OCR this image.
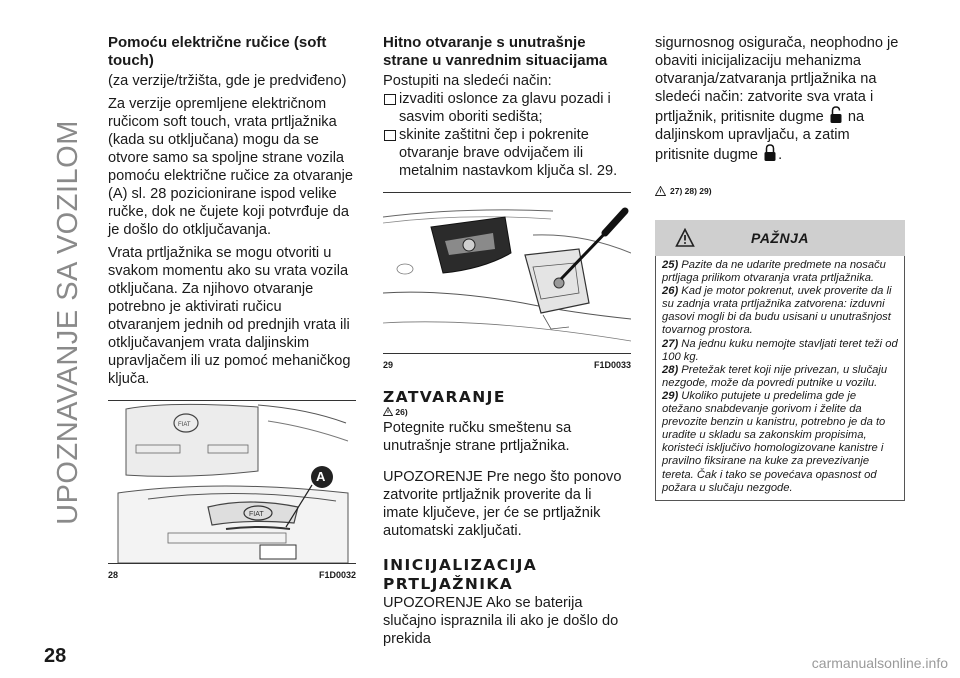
UPOZNAVANJE SA VOZILOM
Pomoću električne ručice (soft touch)

(za verzije/tržišta, gde je predviđeno)

Za verzije opremljene električnom ručicom soft touch, vrata prtljažnika (kada su otključana) mogu da se otvore samo sa spoljne strane vozila pomoću električne ručice za otvaranje (A) sl. 28 pozicionirane ispod velike ručke, dok ne čujete koji potvrđuje da je došlo do otključavanja.

Vrata prtljažnika se mogu otvoriti u svakom momentu ako su vrata vozila otključana. Za njihovo otvaranje potrebno je aktivirati ručicu otvaranjem jednih od prednjih vrata ili otključavanjem vrata daljinskim upravljačem ili uz pomoć mehaničkog ključa.

FIAT
FIAT
A
28	F1D0032
Hitno otvaranje s unutrašnje strane u vanrednim situacijama

Postupiti na sledeći način:

izvaditi oslonce za glavu pozadi i sasvim oboriti sedišta;

skinite zaštitni čep i pokrenite otvaranje brave odvijačem ili metalnim nastavkom ključa sl. 29.

29	F1D0033
ZATVARANJE
26)

Potegnite ručku smeštenu sa unutrašnje strane prtljažnika.

UPOZORENJE Pre nego što ponovo zatvorite prtljažnik proverite da li imate ključeve, jer će se prtljažnik automatski zaključati.

INICIJALIZACIJA
PRTLJAŽNIKA

UPOZORENJE Ako se baterija slučajno ispraznila ili ako je došlo do prekida

sigurnosnog osigurača, neophodno je obaviti inicijalizaciju mehanizma otvaranja/zatvaranja prtljažnika na sledeći način: zatvorite sva vrata i prtljažnik, pritisnite dugme na daljinskom upravljaču, a zatim pritisnite dugme .

27) 28) 29)
PAŽNJA
25) Pazite da ne udarite predmete na nosaču prtljaga prilikom otvaranja vrata prtljažnika.
26) Kad je motor pokrenut, uvek proverite da li su zadnja vrata prtljažnika zatvorena: izduvni gasovi mogli bi da budu usisani u unutrašnjost tovarnog prostora.
27) Na jednu kuku nemojte stavljati teret teži od 100 kg.
28) Pretežak teret koji nije privezan, u slučaju nezgode, može da povredi putnike u vozilu.
29) Ukoliko putujete u predelima gde je otežano snabdevanje gorivom i želite da prevozite benzin u kanistru, potrebno je da to uradite u skladu sa zakonskim propisima, koristeći isključivo homologizovane kanistre i pravilno fiksirane na kuke za prevezivanje tereta. Čak i tako se povećava opasnost od požara u slučaju nezgode.
28	carmanualsonline.info
